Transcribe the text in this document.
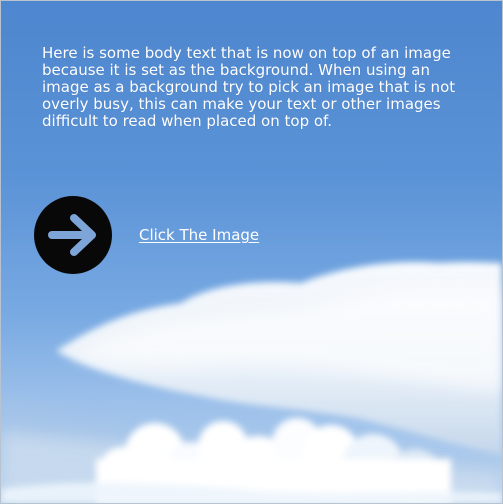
Here is some body text that is now on top of an image because it is set as the background. When using an image as a background try to pick an image that is not overly busy, this can make your text or other images difficult to read when placed on top of.

Click The Image
